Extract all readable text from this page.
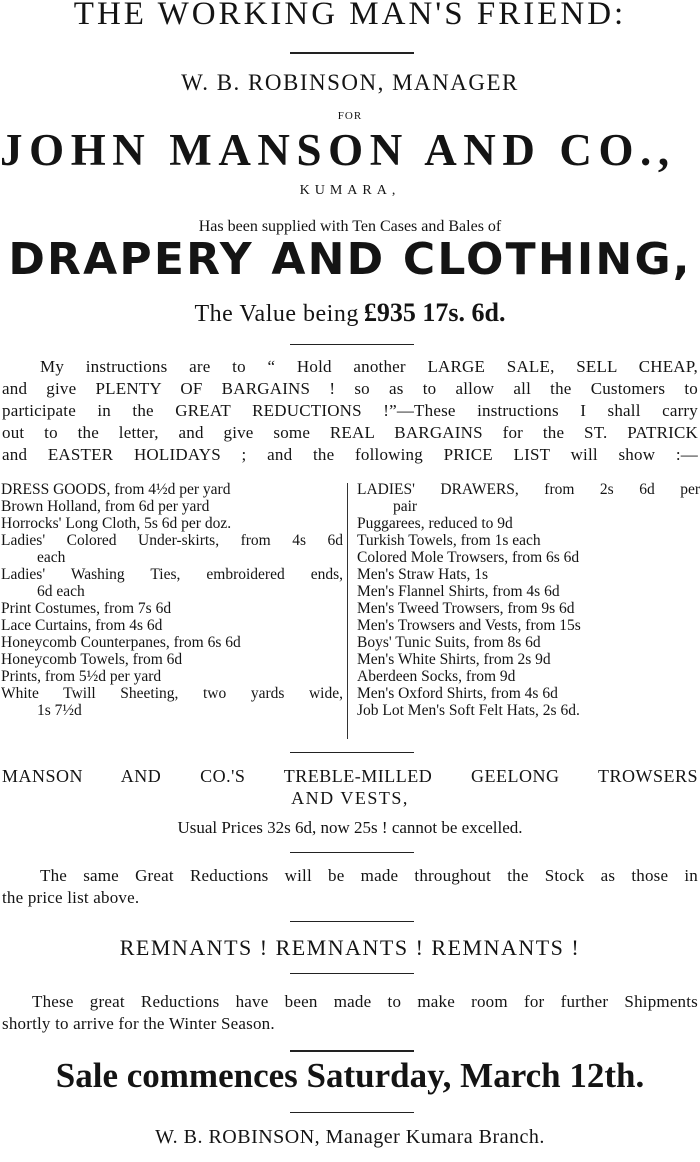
THE WORKING MAN'S FRIEND:
W. B. ROBINSON, MANAGER
FOR
JOHN MANSON AND CO.,
KUMARA,
Has been supplied with Ten Cases and Bales of
DRAPERY AND CLOTHING,
The Value being £935 17s. 6d.
My instructions are to “ Hold another LARGE SALE, SELL CHEAP,
and give PLENTY OF BARGAINS ! so as to allow all the Customers to
participate in the GREAT REDUCTIONS !”—These instructions I shall carry
out to the letter, and give some REAL BARGAINS for the ST. PATRICK
and EASTER HOLIDAYS ; and the following PRICE LIST will show :—
DRESS GOODS, from 4½d per yard
Brown Holland, from 6d per yard
Horrocks' Long Cloth, 5s 6d per doz.
Ladies' Colored Under-skirts, from 4s 6d
each
Ladies' Washing Ties, embroidered ends,
6d each
Print Costumes, from 7s 6d
Lace Curtains, from 4s 6d
Honeycomb Counterpanes, from 6s 6d
Honeycomb Towels, from 6d
Prints, from 5½d per yard
White Twill Sheeting, two yards wide,
1s 7½d
LADIES' DRAWERS, from 2s 6d per
pair
Puggarees, reduced to 9d
Turkish Towels, from 1s each
Colored Mole Trowsers, from 6s 6d
Men's Straw Hats, 1s
Men's Flannel Shirts, from 4s 6d
Men's Tweed Trowsers, from 9s 6d
Men's Trowsers and Vests, from 15s
Boys' Tunic Suits, from 8s 6d
Men's White Shirts, from 2s 9d
Aberdeen Socks, from 9d
Men's Oxford Shirts, from 4s 6d
Job Lot Men's Soft Felt Hats, 2s 6d.
MANSON AND CO.'S TREBLE-MILLED GEELONG TROWSERS
AND VESTS,
Usual Prices 32s 6d, now 25s ! cannot be excelled.
The same Great Reductions will be made throughout the Stock as those in
the price list above.
REMNANTS ! REMNANTS ! REMNANTS !
These great Reductions have been made to make room for further Shipments
shortly to arrive for the Winter Season.
Sale commences Saturday, March 12th.
W. B. ROBINSON, Manager Kumara Branch.
